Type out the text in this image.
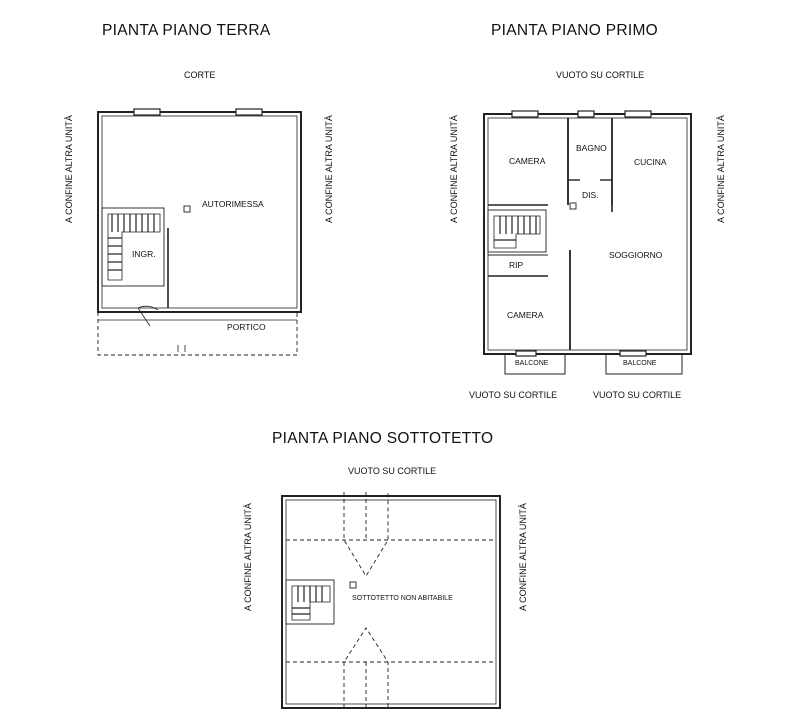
PIANTA PIANO TERRA
CORTE
A CONFINE ALTRA UNITÀ	A CONFINE ALTRA UNITÀ
AUTORIMESSA
INGR.
PORTICO
PIANTA PIANO PRIMO
VUOTO SU CORTILE
A CONFINE ALTRA UNITÀ	A CONFINE ALTRA UNITÀ
CAMERA
BAGNO
CUCINA
DIS.
RIP
SOGGIORNO
CAMERA
BALCONE	BALCONE
VUOTO SU CORTILE	VUOTO SU CORTILE
PIANTA PIANO SOTTOTETTO
VUOTO SU CORTILE
A CONFINE ALTRA UNITÀ	A CONFINE ALTRA UNITÀ
SOTTOTETTO NON ABITABILE
